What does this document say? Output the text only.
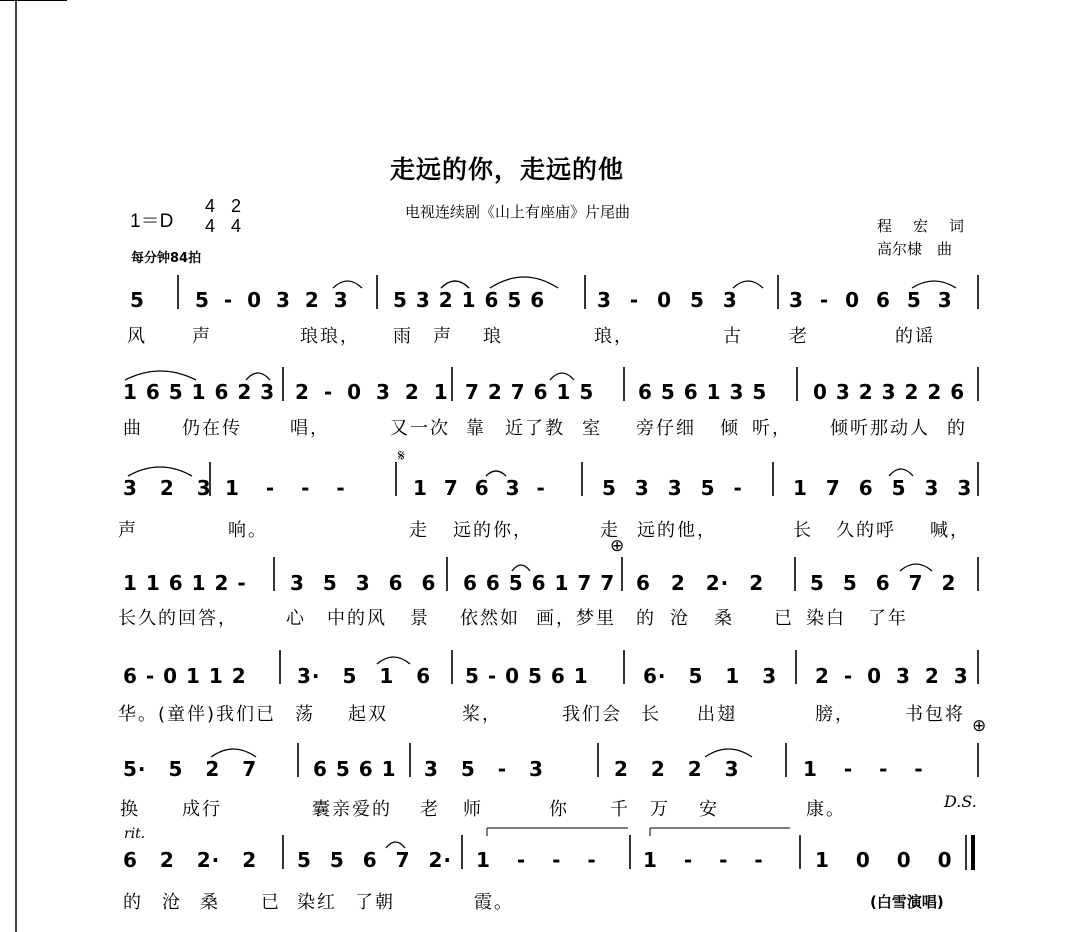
走远的你，走远的他
1＝D
4
4
2
4
电视连续剧《山上有座庙》片尾曲
程　宏　词
高尔棣　曲
每分钟84拍
5	5 - 0 3 2 3 5 3 2 1 6 5 6	3 - 0 5 3	3 - 0 6 5 3
风	声	琅琅， 雨 声 琅	琅，	古	老	的谣
1 6 5 1 6 2 3 2 - 0 3 2 1 7 2 7 6 1 5 6 5 6 1 3 5 0 3 2 3 2 2 6
曲 仍在传	唱，	又一次 靠 近了教 室 旁仔细 倾 听， 倾听那动人 的
3 2 3 1 - - -	1 7 6 3 -	5 3 3 5 -	1 7 6 5 3 3
声	响。	走 远的你，	走 远的他，	长 久的呼 喊，
1 1 6 1 2 - 3 5 3 6 6 6 6 5 6 1 7 7 6 2 2· 2 5 5 6 7 2
长久的回答，	心 中的风 景 依然如 画， 梦里 的 沧 桑 已 染白 了年
6 - 0 1 1 2	3· 5 1 6 5 - 0 5 6 1	6· 5 1 3 2 - 0 3 2 3
华。(童伴)我们已 荡 起双	桨，	我们会 长 出翅	膀，	书包将
5· 5 2 7	6 5 6 1 3 5 - 3	2 2 2 3	1 - - -
换 成行	囊亲爱的 老 师	你 千 万 安	康。
6 2 2· 2 5 5 6 7 2· 1 - - - 1 - - -	1 0 0 0
的 沧 桑 已 染红 了朝	霞。
𝄋
⊕
⊕
D.S.
rit.
(白雪演唱)
